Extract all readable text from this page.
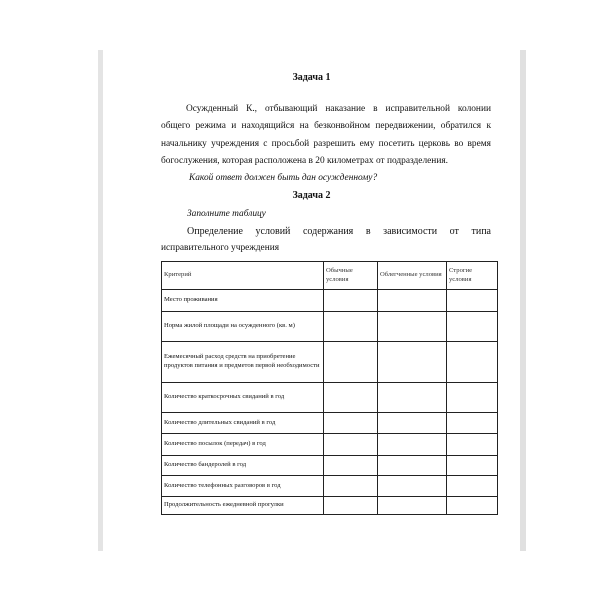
Задача 1
Осужденный К., отбывающий наказание в исправительной колонии
общего режима и находящийся на безконвойном передвижении, обратился к
начальнику учреждения с просьбой разрешить ему посетить церковь во время
богослужения, которая расположена в 20 километрах от подразделения.
Какой ответ должен быть дан осужденному?
Задача 2
Заполните таблицу
Определение условий содержания в зависимости от типа
исправительного учреждения
Критерий	Обычные условия	Облегченные условия	Строгие условия
Место проживания			
Норма жилой площади на осужденного (кв. м)			
Ежемесячный расход средств на приобретение продуктов питания и предметов первой необходимости			
Количество краткосрочных свиданий в год			
Количество длительных свиданий в год			
Количество посылок (передач) в год			
Количество бандеролей в год			
Количество телефонных разговоров в год			
Продолжительность ежедневной прогулки			
